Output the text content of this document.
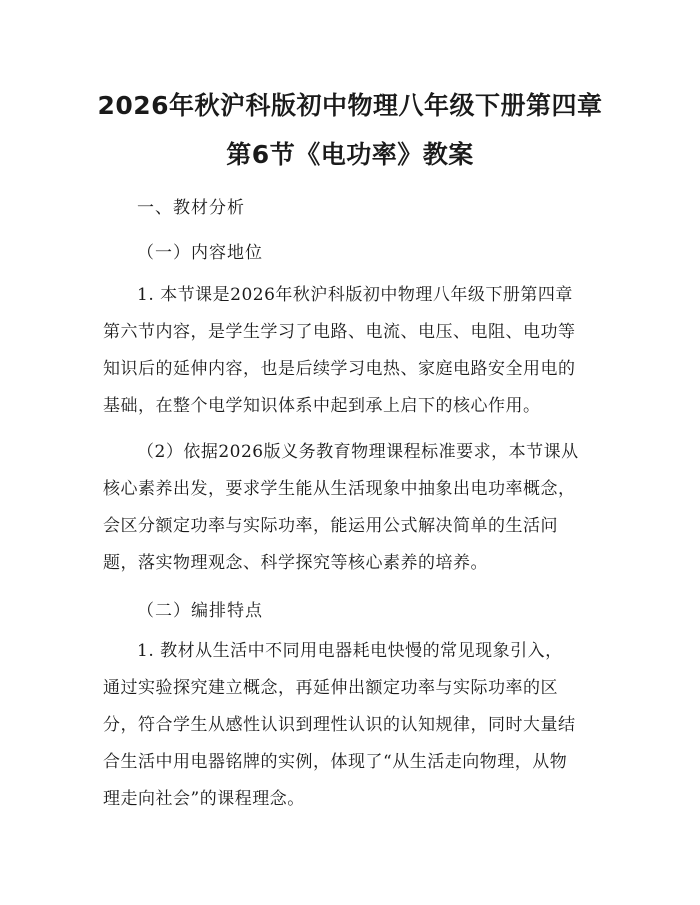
2026年秋沪科版初中物理八年级下册第四章
第6节《电功率》教案
一、教材分析
（一）内容地位
1. 本节课是2026年秋沪科版初中物理八年级下册第四章
第六节内容，是学生学习了电路、电流、电压、电阻、电功等
知识后的延伸内容，也是后续学习电热、家庭电路安全用电的
基础，在整个电学知识体系中起到承上启下的核心作用。
（2）依据2026版义务教育物理课程标准要求，本节课从
核心素养出发，要求学生能从生活现象中抽象出电功率概念，
会区分额定功率与实际功率，能运用公式解决简单的生活问
题，落实物理观念、科学探究等核心素养的培养。
（二）编排特点
1. 教材从生活中不同用电器耗电快慢的常见现象引入，
通过实验探究建立概念，再延伸出额定功率与实际功率的区
分，符合学生从感性认识到理性认识的认知规律，同时大量结
合生活中用电器铭牌的实例，体现了“从生活走向物理，从物
理走向社会”的课程理念。
